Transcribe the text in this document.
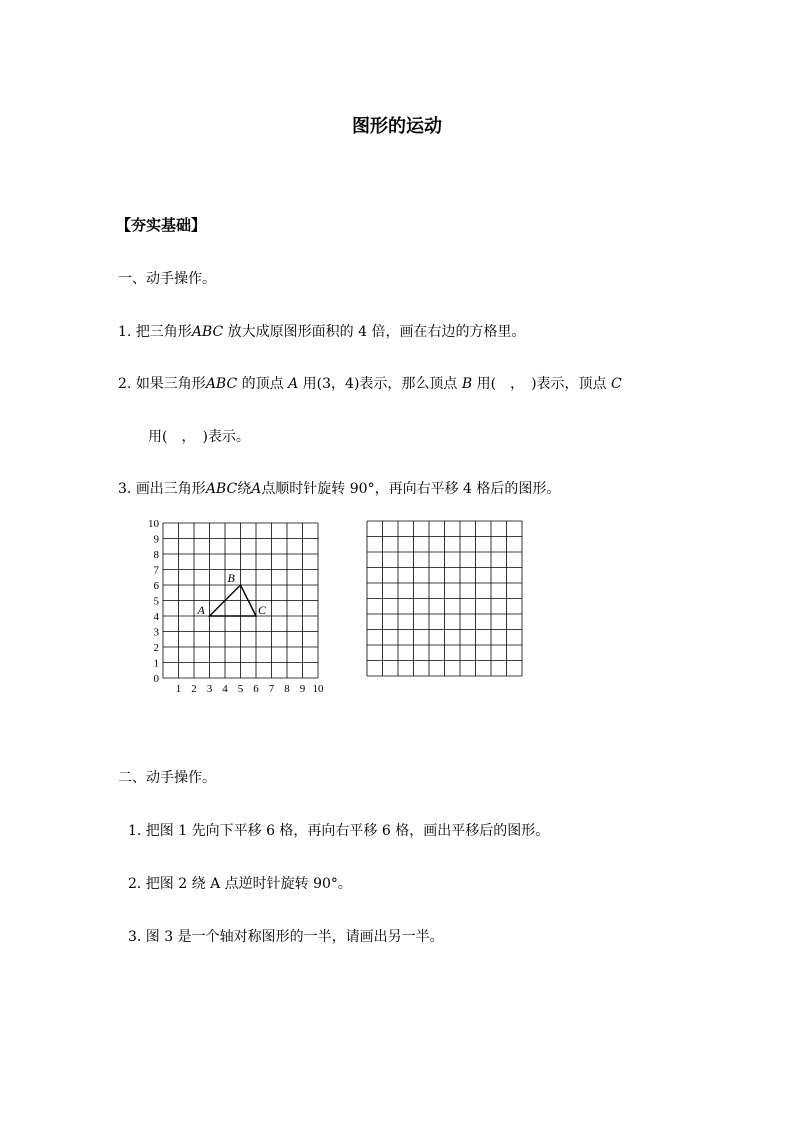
图形的运动
【夯实基础】
一、动手操作。
1. 把三角形ABC 放大成原图形面积的 4 倍，画在右边的方格里。
2. 如果三角形ABC 的顶点 A 用(3，4)表示，那么顶点 B 用(　，　)表示，顶点 C
用(　，　)表示。
3. 画出三角形ABC绕A点顺时针旋转 90°，再向右平移 4 格后的图形。
0
1
2
3
4
5
6
7
8
9
10
1 2 3 4 5 6 7 8 9 10
A
B
C
二、动手操作。
1. 把图 1 先向下平移 6 格，再向右平移 6 格，画出平移后的图形。
2. 把图 2 绕 A 点逆时针旋转 90°。
3. 图 3 是一个轴对称图形的一半，请画出另一半。
